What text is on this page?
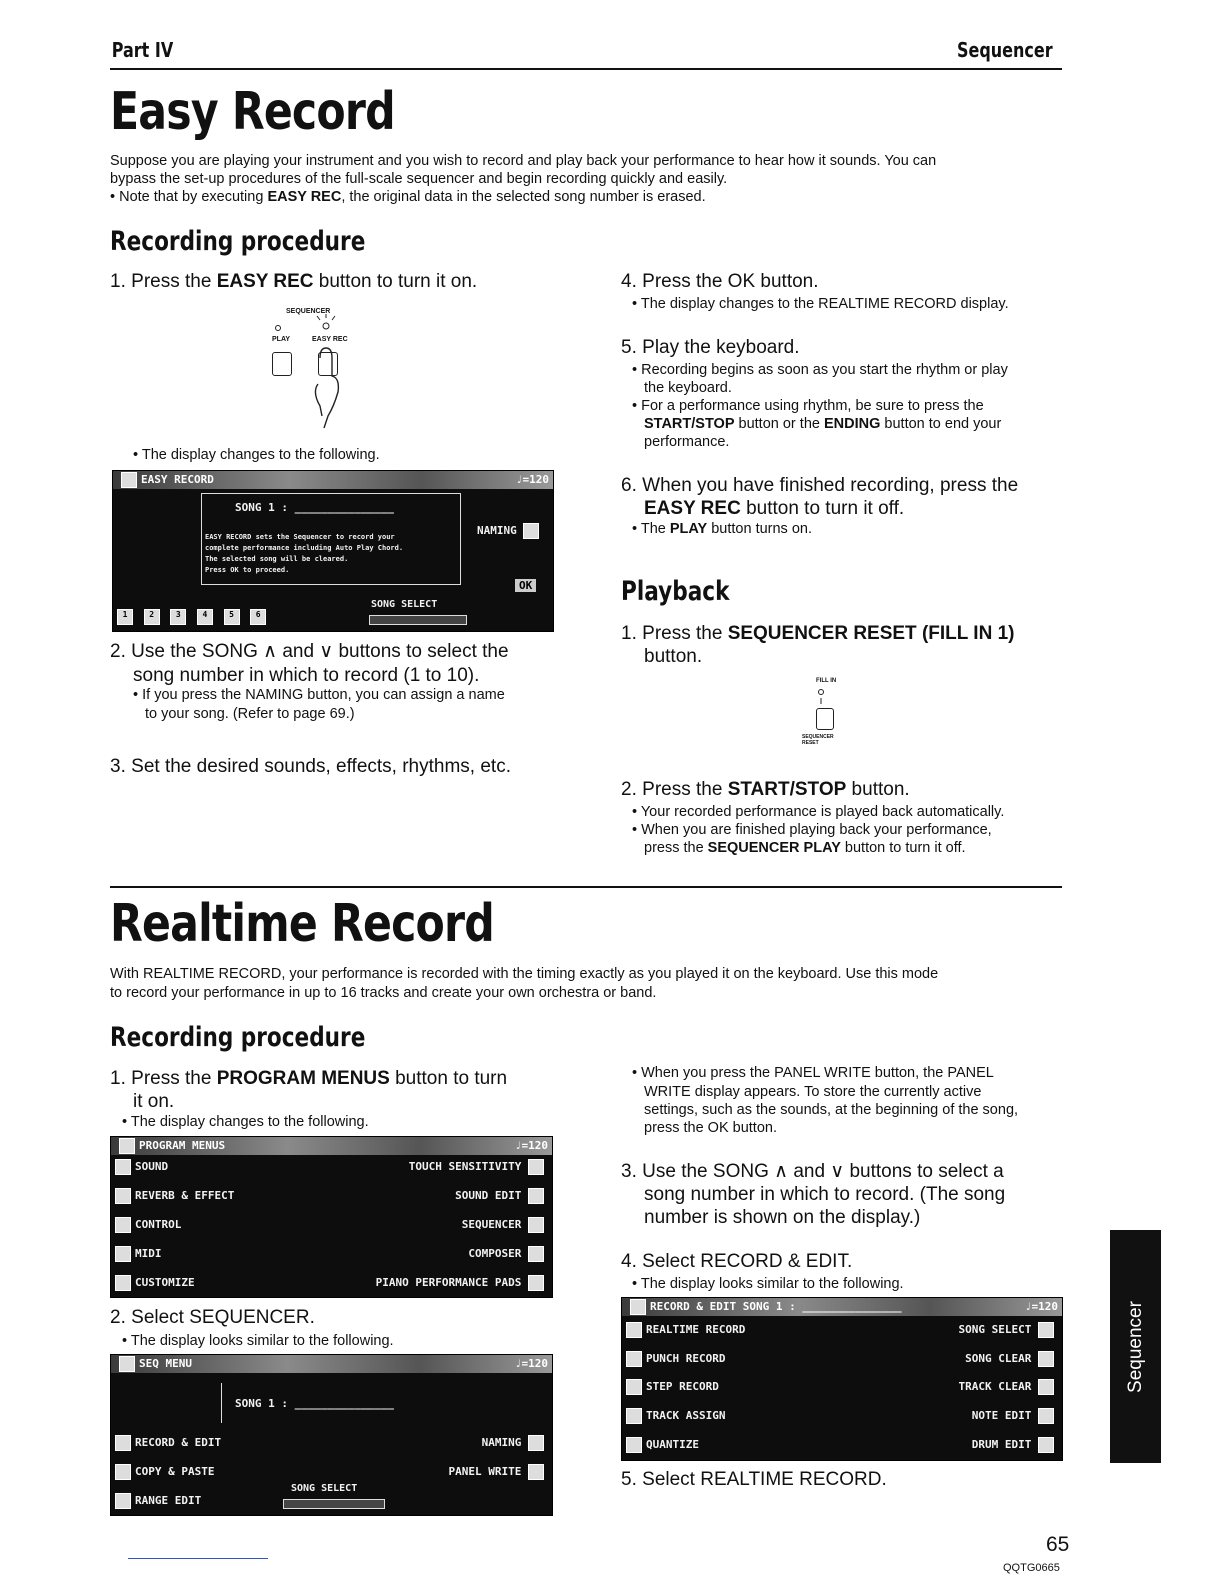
Part IV	Sequencer
Easy Record
Suppose you are playing your instrument and you wish to record and play back your performance to hear how it sounds. You can
bypass the set-up procedures of the full-scale sequencer and begin recording quickly and easily.
• Note that by executing EASY REC, the original data in the selected song number is erased.
Recording procedure
1. Press the EASY REC button to turn it on.
SEQUENCER
PLAY	EASY REC
• The display changes to the following.
EASY RECORD	♩=120
SONG 1 : _______________
EASY RECORD sets the Sequencer to record your
complete performance including Auto Play Chord.
The selected song will be cleared.
Press OK to proceed.
NAMING
OK
SONG SELECT
1	2	3	4	5	6
2. Use the SONG ∧ and ∨ buttons to select the
song number in which to record (1 to 10).
• If you press the NAMING button, you can assign a name
to your song. (Refer to page 69.)
3. Set the desired sounds, effects, rhythms, etc.
4. Press the OK button.
• The display changes to the REALTIME RECORD display.
5. Play the keyboard.
• Recording begins as soon as you start the rhythm or play
the keyboard.
• For a performance using rhythm, be sure to press the
START/STOP button or the ENDING button to end your
performance.
6. When you have finished recording, press the
EASY REC button to turn it off.
• The PLAY button turns on.
Playback
1. Press the SEQUENCER RESET (FILL IN 1)
button.
FILL IN
SEQUENCER RESET
2. Press the START/STOP button.
• Your recorded performance is played back automatically.
• When you are finished playing back your performance,
press the SEQUENCER PLAY button to turn it off.
Realtime Record
With REALTIME RECORD, your performance is recorded with the timing exactly as you played it on the keyboard. Use this mode
to record your performance in up to 16 tracks and create your own orchestra or band.
Recording procedure
1. Press the PROGRAM MENUS button to turn
it on.
• The display changes to the following.
PROGRAM MENUS	♩=120
SOUND
REVERB & EFFECT
CONTROL
MIDI
CUSTOMIZE
TOUCH SENSITIVITY
SOUND EDIT
SEQUENCER
COMPOSER
PIANO PERFORMANCE PADS
2. Select SEQUENCER.
• The display looks similar to the following.
SEQ MENU	♩=120
SONG 1 : _______________
RECORD & EDIT
COPY & PASTE
RANGE EDIT
NAMING
PANEL WRITE
SONG SELECT
• When you press the PANEL WRITE button, the PANEL
WRITE display appears. To store the currently active
settings, such as the sounds, at the beginning of the song,
press the OK button.
3. Use the SONG ∧ and ∨ buttons to select a
song number in which to record. (The song
number is shown on the display.)
4. Select RECORD & EDIT.
• The display looks similar to the following.
RECORD & EDIT SONG 1 : _______________	♩=120
REALTIME RECORD
PUNCH RECORD
STEP RECORD
TRACK ASSIGN
QUANTIZE
SONG SELECT
SONG CLEAR
TRACK CLEAR
NOTE EDIT
DRUM EDIT
5. Select REALTIME RECORD.
Sequencer
65
QQTG0665
